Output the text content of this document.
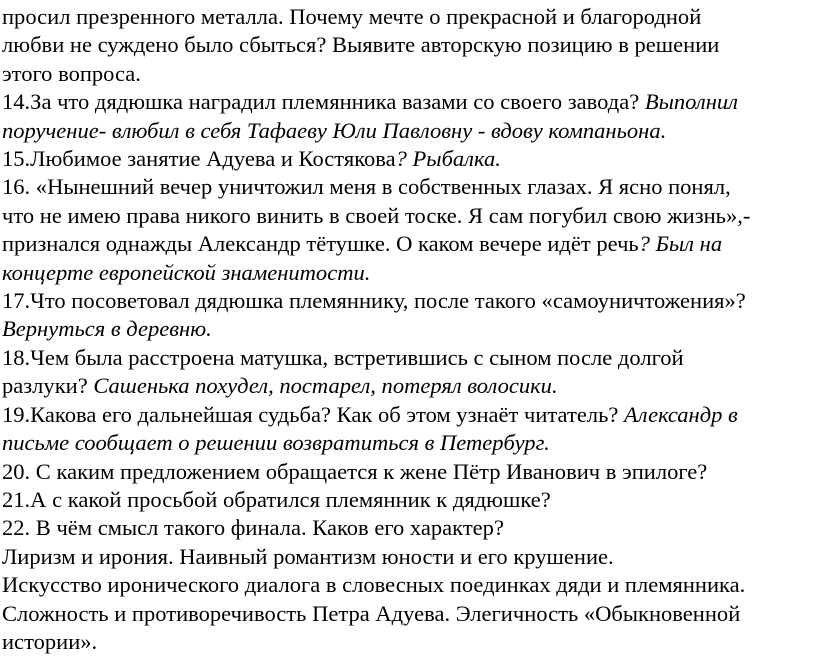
просил презренного металла. Почему мечте о прекрасной и благородной
любви не суждено было сбыться? Выявите авторскую позицию в решении
этого вопроса.
14.За что дядюшка наградил племянника вазами со своего завода? Выполнил
поручение- влюбил в себя Тафаеву Юли Павловну - вдову компаньона.
15.Любимое занятие Адуева и Костякова? Рыбалка.
16. «Нынешний вечер уничтожил меня в собственных глазах. Я ясно понял,
что не имею права никого винить в своей тоске. Я сам погубил свою жизнь»,-
признался однажды Александр тётушке. О каком вечере идёт речь? Был на
концерте европейской знаменитости.
17.Что посоветовал дядюшка племяннику, после такого «самоуничтожения»?
Вернуться в деревню.
18.Чем была расстроена матушка, встретившись с сыном после долгой
разлуки? Сашенька похудел, постарел, потерял волосики.
19.Какова его дальнейшая судьба? Как об этом узнаёт читатель? Александр в
письме сообщает о решении возвратиться в Петербург.
20. С каким предложением обращается к жене Пётр Иванович в эпилоге?
21.А с какой просьбой обратился племянник к дядюшке?
22. В чём смысл такого финала. Каков его характер?
Лиризм и ирония. Наивный романтизм юности и его крушение.
Искусство иронического диалога в словесных поединках дяди и племянника.
Сложность и противоречивость Петра Адуева. Элегичность «Обыкновенной
истории».
